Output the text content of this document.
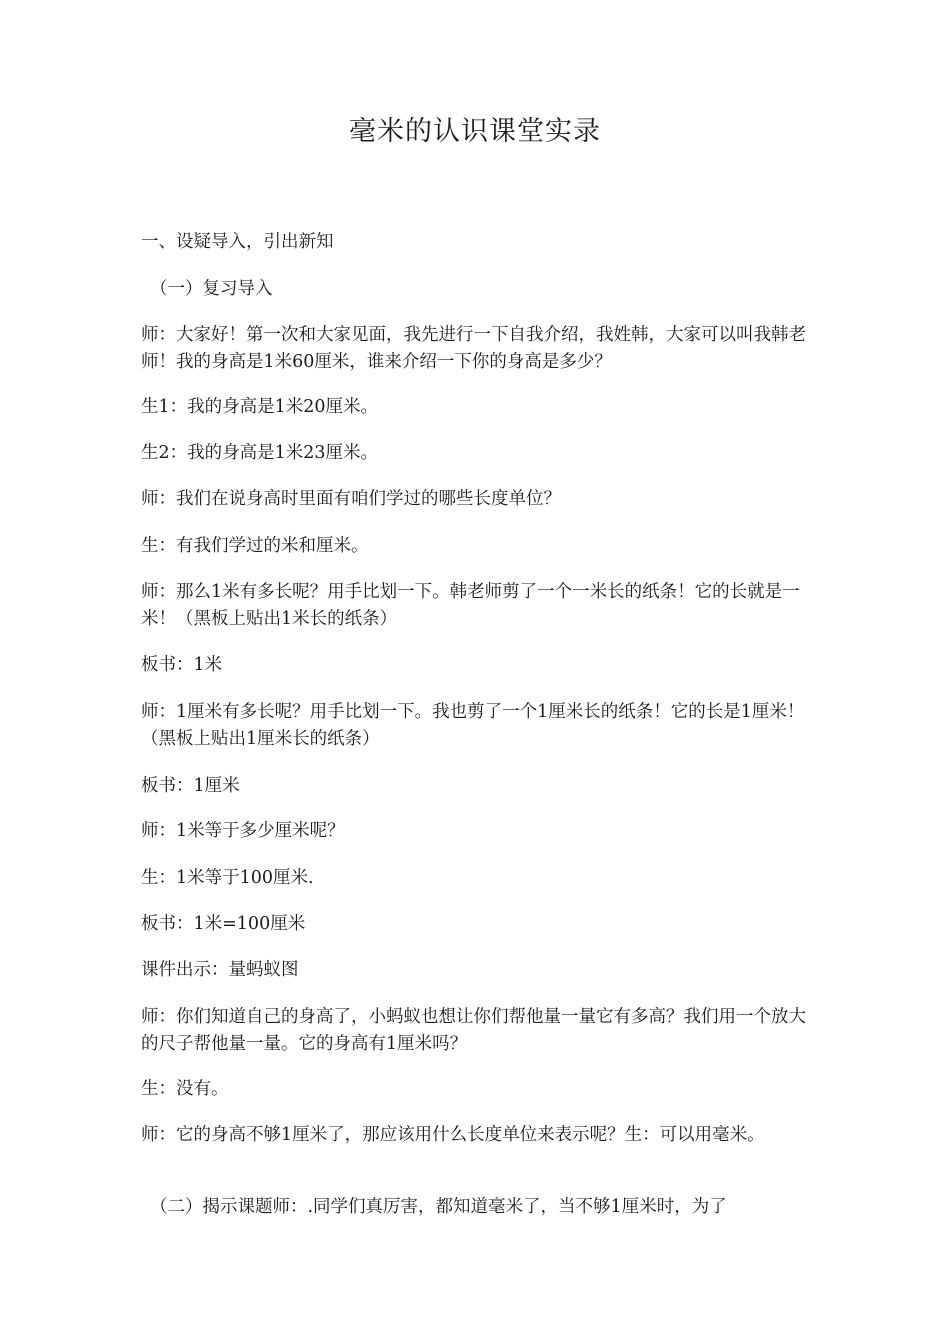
毫米的认识课堂实录

一、设疑导入，引出新知

（一）复习导入

师：大家好！第一次和大家见面，我先进行一下自我介绍，我姓韩，大家可以叫我韩老师！我的身高是1米60厘米，谁来介绍一下你的身高是多少？

生1：我的身高是1米20厘米。

生2：我的身高是1米23厘米。

师：我们在说身高时里面有咱们学过的哪些长度单位？

生：有我们学过的米和厘米。

师：那么1米有多长呢？用手比划一下。韩老师剪了一个一米长的纸条！它的长就是一米！（黑板上贴出1米长的纸条）

板书：1米

师：1厘米有多长呢？用手比划一下。我也剪了一个1厘米长的纸条！它的长是1厘米！（黑板上贴出1厘米长的纸条）

板书：1厘米

师：1米等于多少厘米呢？

生：1米等于100厘米.

板书：1米=100厘米

课件出示：量蚂蚁图

师：你们知道自己的身高了，小蚂蚁也想让你们帮他量一量它有多高？我们用一个放大的尺子帮他量一量。它的身高有1厘米吗？

生：没有。

师：它的身高不够1厘米了，那应该用什么长度单位来表示呢？生：可以用毫米。

（二）揭示课题师：.同学们真厉害，都知道毫米了，当不够1厘米时，为了
